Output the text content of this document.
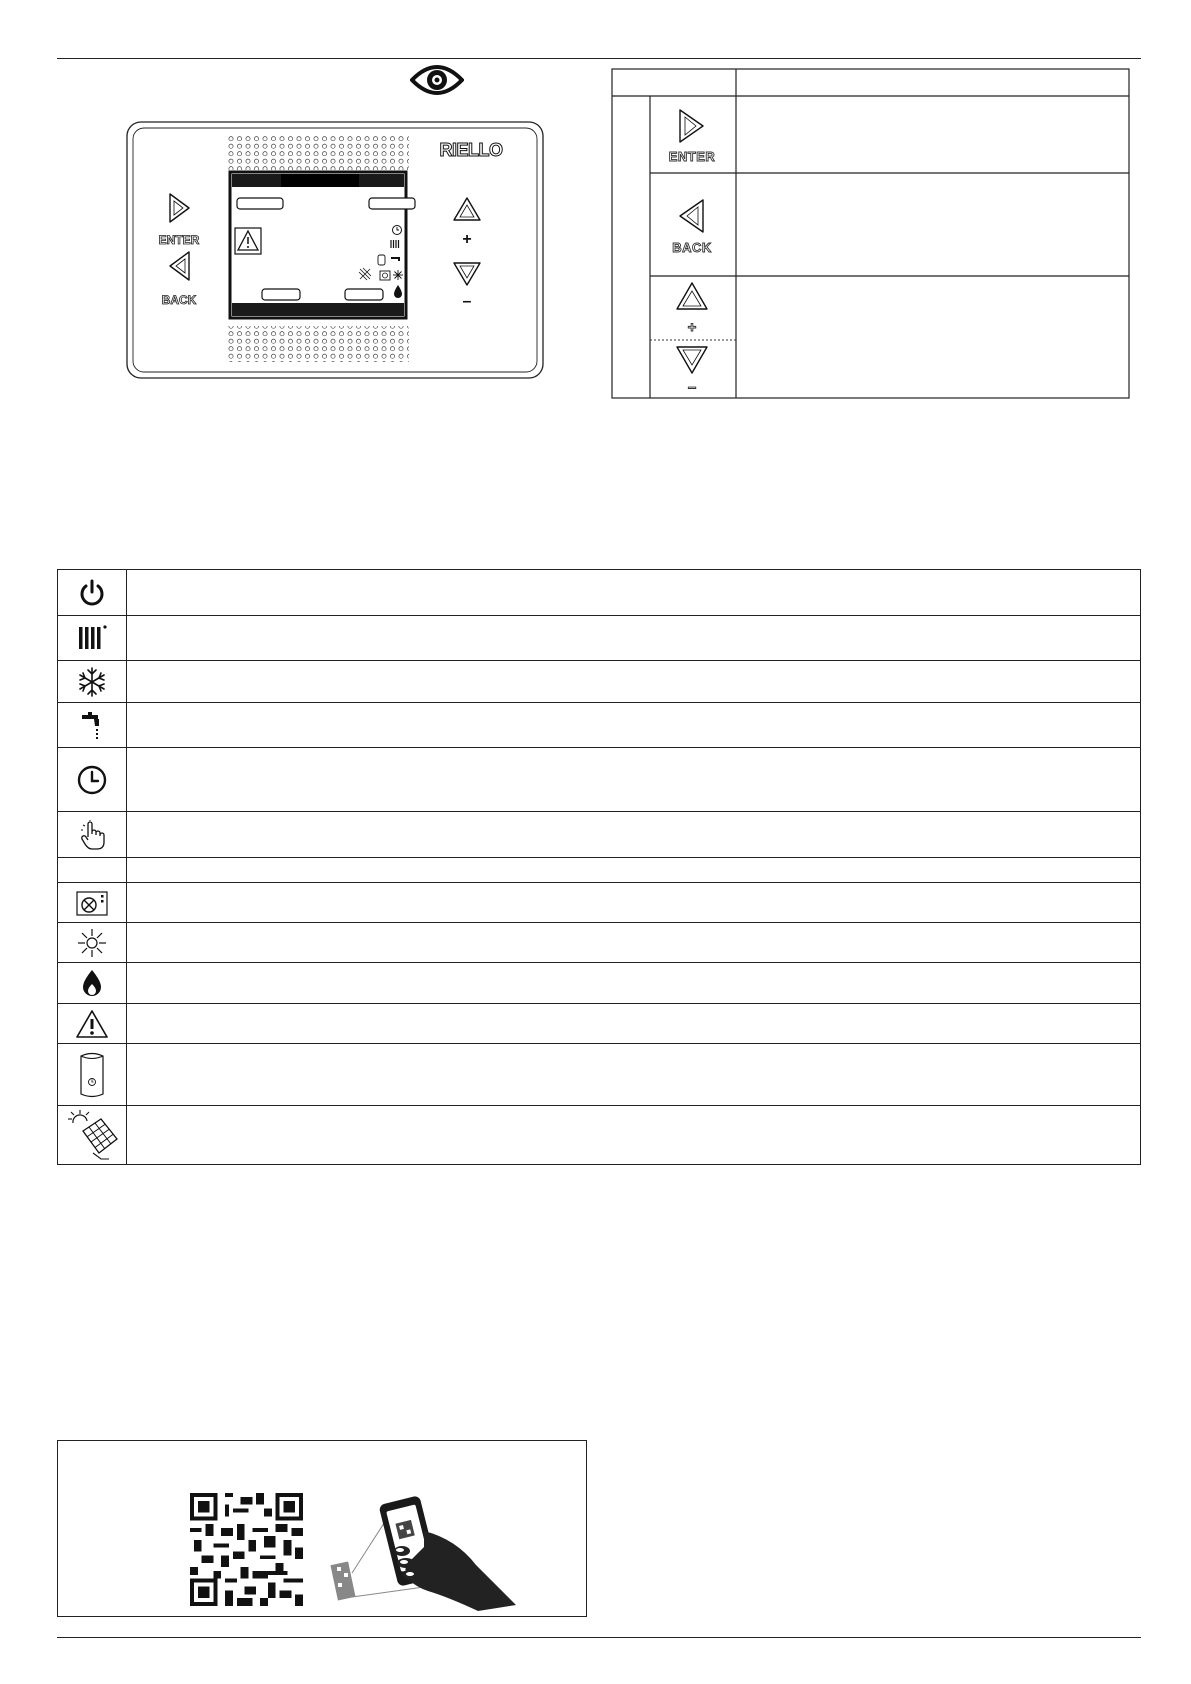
ENTER
BACK
+
–
RIELLO	ENTER
BACK
+
–
